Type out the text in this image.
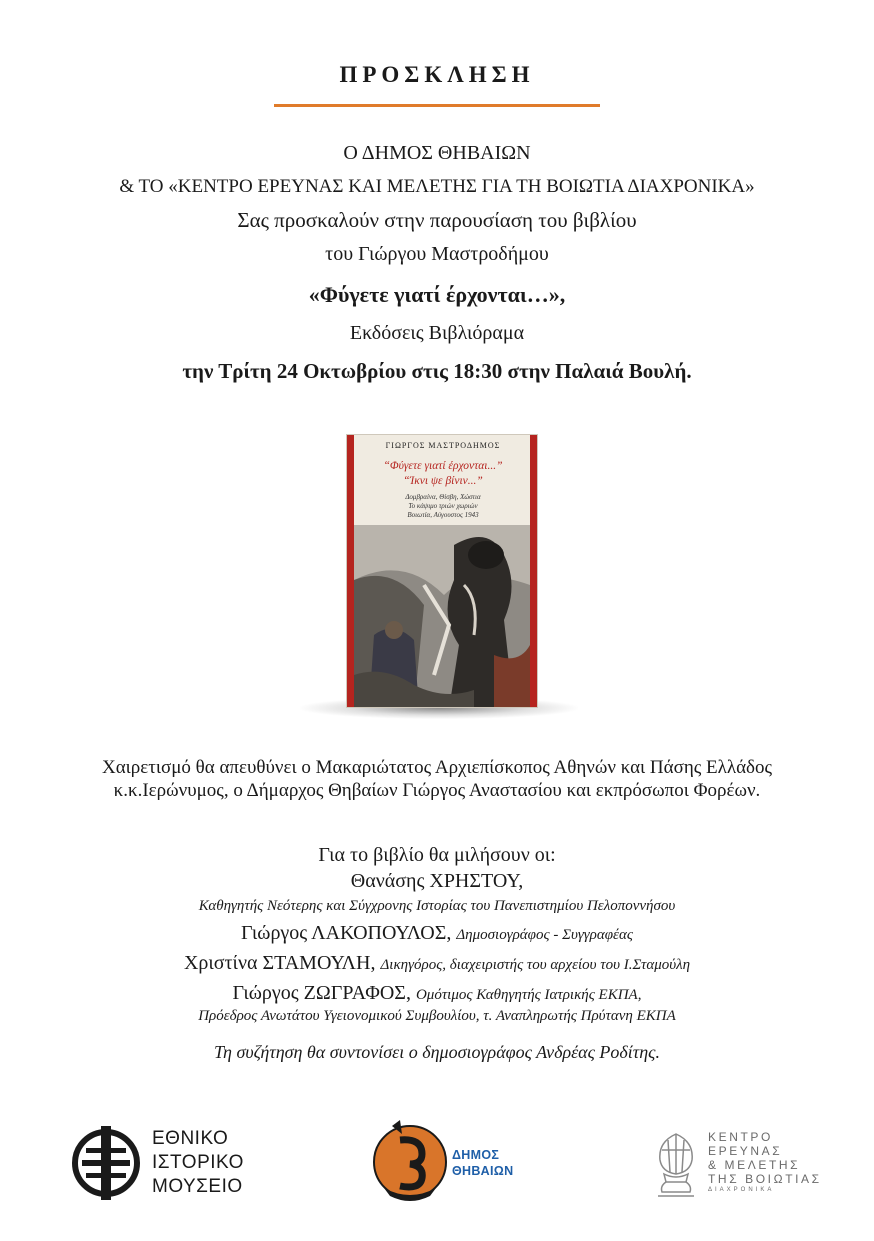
ΠΡΟΣΚΛΗΣΗ
Ο ΔΗΜΟΣ ΘΗΒΑΙΩΝ
& ΤΟ «ΚΕΝΤΡΟ ΕΡΕΥΝΑΣ ΚΑΙ ΜΕΛΕΤΗΣ ΓΙΑ ΤΗ ΒΟΙΩΤΙΑ ΔΙΑΧΡΟΝΙΚΑ»
Σας προσκαλούν στην παρουσίαση του βιβλίου
του Γιώργου Μαστροδήμου
«Φύγετε γιατί έρχονται…»,
Εκδόσεις Βιβλιόραμα
την Τρίτη 24 Οκτωβρίου στις 18:30 στην Παλαιά Βουλή.
ΓΙΩΡΓΟΣ ΜΑΣΤΡΟΔΗΜΟΣ
“Φύγετε γιατί έρχονται...”
“Ίκνι ψε βίνιν...”
Δομβραίνα, Θίσβη, Χώστια
Το κάψιμο τριών χωριών
Βοιωτία, Αύγουστος 1943
Χαιρετισμό θα απευθύνει ο Μακαριώτατος Αρχιεπίσκοπος Αθηνών και Πάσης Ελλάδος
κ.κ.Ιερώνυμος, ο Δήμαρχος Θηβαίων Γιώργος Αναστασίου και εκπρόσωποι Φορέων.
Για το βιβλίο θα μιλήσουν οι:
Θανάσης ΧΡΗΣΤΟΥ,
Καθηγητής Νεότερης και Σύγχρονης Ιστορίας του Πανεπιστημίου Πελοποννήσου
Γιώργος ΛΑΚΟΠΟΥΛΟΣ, Δημοσιογράφος - Συγγραφέας
Χριστίνα ΣΤΑΜΟΥΛΗ, Δικηγόρος, διαχειριστής του αρχείου του Ι.Σταμούλη
Γιώργος ΖΩΓΡΑΦΟΣ, Ομότιμος Καθηγητής Ιατρικής ΕΚΠΑ,
Πρόεδρος Ανωτάτου Υγειονομικού Συμβουλίου, τ. Αναπληρωτής Πρύτανη ΕΚΠΑ
Τη συζήτηση θα συντονίσει ο δημοσιογράφος Ανδρέας Ροδίτης.
ΕΘΝΙΚΟ
ΙΣΤΟΡΙΚΟ
ΜΟΥΣΕΙΟ
ΔΗΜΟΣ
ΘΗΒΑΙΩΝ
ΚΕΝΤΡΟ
ΕΡΕΥΝΑΣ
& ΜΕΛΕΤΗΣ
ΤΗΣ ΒΟΙΩΤΙΑΣ
ΔΙΑΧΡΟΝΙΚΑ
